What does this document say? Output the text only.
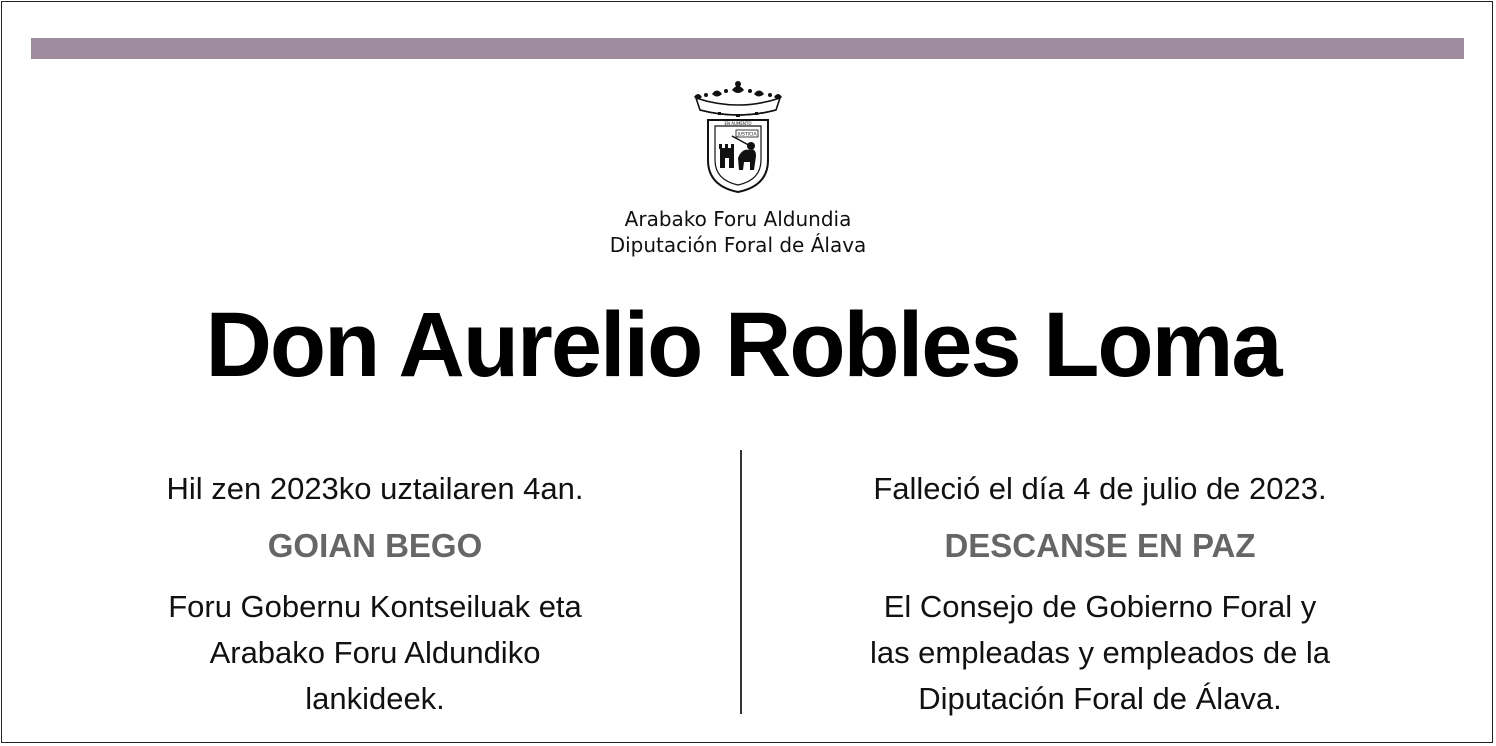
JUSTICIA
EN AUMENTO
Arabako Foru Aldundia
Diputación Foral de Álava
Don Aurelio Robles Loma
Hil zen 2023ko uztailaren 4an.
GOIAN BEGO
Foru Gobernu Kontseiluak eta
Arabako Foru Aldundiko
lankideek.
Falleció el día 4 de julio de 2023.
DESCANSE EN PAZ
El Consejo de Gobierno Foral y
las empleadas y empleados de la
Diputación Foral de Álava.
